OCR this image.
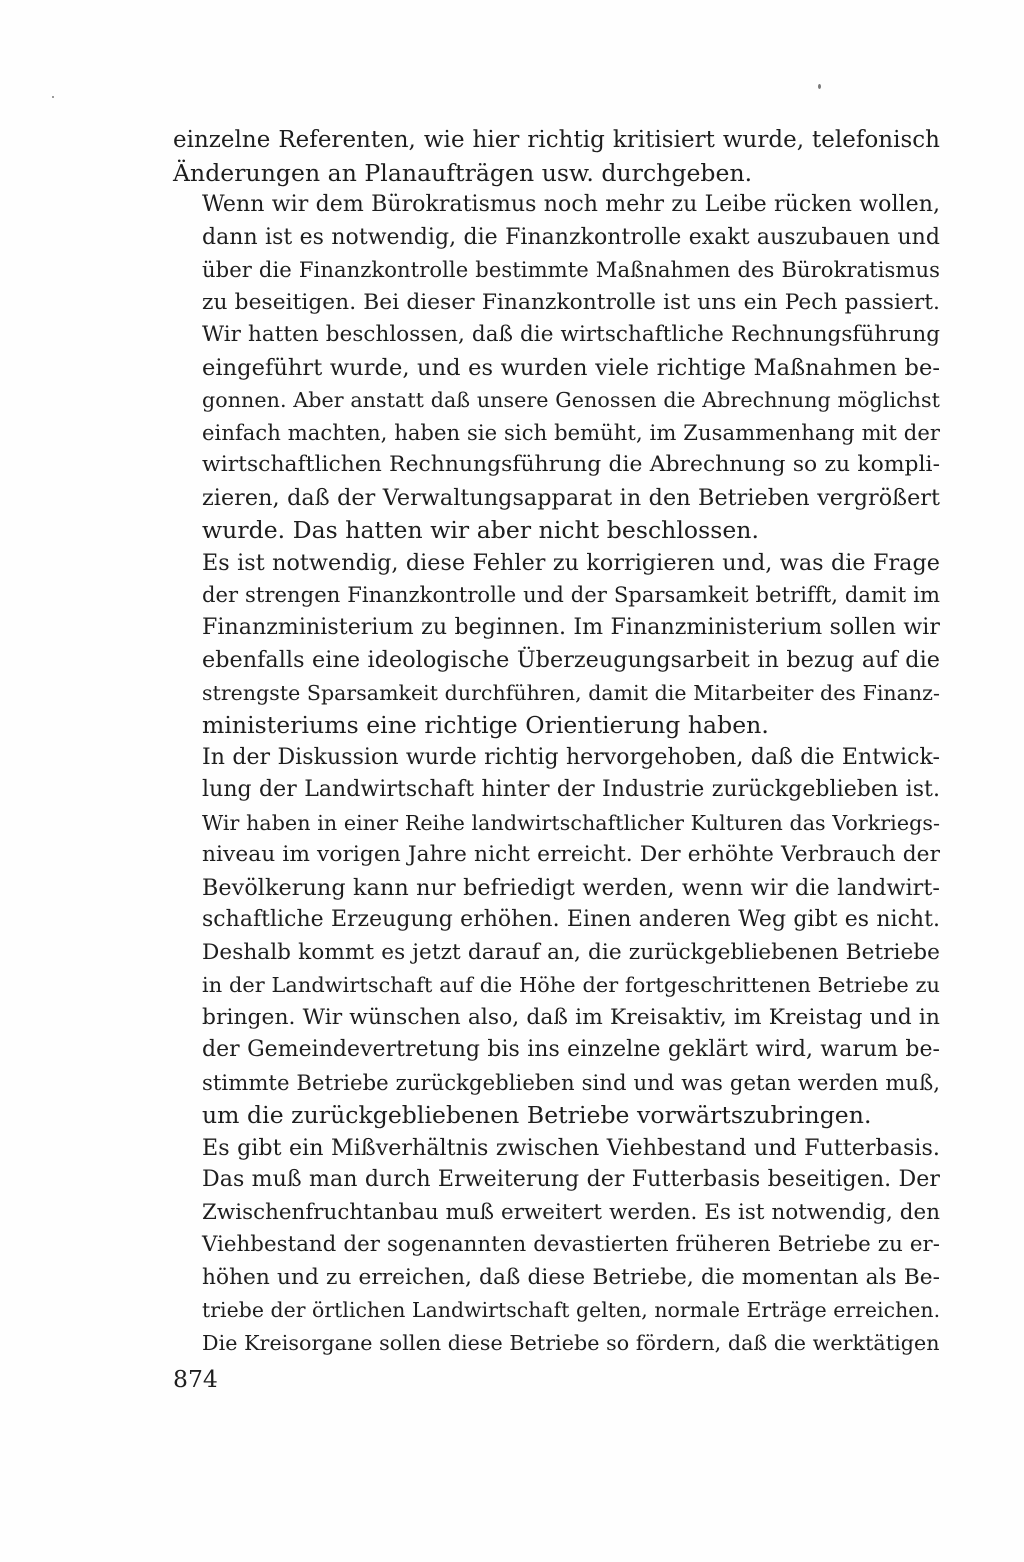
einzelne Referenten, wie hier richtig kritisiert wurde, telefonisch
Änderungen an Planaufträgen usw. durchgeben.

Wenn wir dem Bürokratismus noch mehr zu Leibe rücken wollen,
dann ist es notwendig, die Finanzkontrolle exakt auszubauen und
über die Finanzkontrolle bestimmte Maßnahmen des Bürokratismus
zu beseitigen. Bei dieser Finanzkontrolle ist uns ein Pech passiert.
Wir hatten beschlossen, daß die wirtschaftliche Rechnungsführung
eingeführt wurde, und es wurden viele richtige Maßnahmen be-
gonnen. Aber anstatt daß unsere Genossen die Abrechnung möglichst
einfach machten, haben sie sich bemüht, im Zusammenhang mit der
wirtschaftlichen Rechnungsführung die Abrechnung so zu kompli-
zieren, daß der Verwaltungsapparat in den Betrieben vergrößert
wurde. Das hatten wir aber nicht beschlossen.

Es ist notwendig, diese Fehler zu korrigieren und, was die Frage
der strengen Finanzkontrolle und der Sparsamkeit betrifft, damit im
Finanzministerium zu beginnen. Im Finanzministerium sollen wir
ebenfalls eine ideologische Überzeugungsarbeit in bezug auf die
strengste Sparsamkeit durchführen, damit die Mitarbeiter des Finanz-
ministeriums eine richtige Orientierung haben.

In der Diskussion wurde richtig hervorgehoben, daß die Entwick-
lung der Landwirtschaft hinter der Industrie zurückgeblieben ist.
Wir haben in einer Reihe landwirtschaftlicher Kulturen das Vorkriegs-
niveau im vorigen Jahre nicht erreicht. Der erhöhte Verbrauch der
Bevölkerung kann nur befriedigt werden, wenn wir die landwirt-
schaftliche Erzeugung erhöhen. Einen anderen Weg gibt es nicht.
Deshalb kommt es jetzt darauf an, die zurückgebliebenen Betriebe
in der Landwirtschaft auf die Höhe der fortgeschrittenen Betriebe zu
bringen. Wir wünschen also, daß im Kreisaktiv, im Kreistag und in
der Gemeindevertretung bis ins einzelne geklärt wird, warum be-
stimmte Betriebe zurückgeblieben sind und was getan werden muß,
um die zurückgebliebenen Betriebe vorwärtszubringen.

Es gibt ein Mißverhältnis zwischen Viehbestand und Futterbasis.
Das muß man durch Erweiterung der Futterbasis beseitigen. Der
Zwischenfruchtanbau muß erweitert werden. Es ist notwendig, den
Viehbestand der sogenannten devastierten früheren Betriebe zu er-
höhen und zu erreichen, daß diese Betriebe, die momentan als Be-
triebe der örtlichen Landwirtschaft gelten, normale Erträge erreichen.
Die Kreisorgane sollen diese Betriebe so fördern, daß die werktätigen

874
